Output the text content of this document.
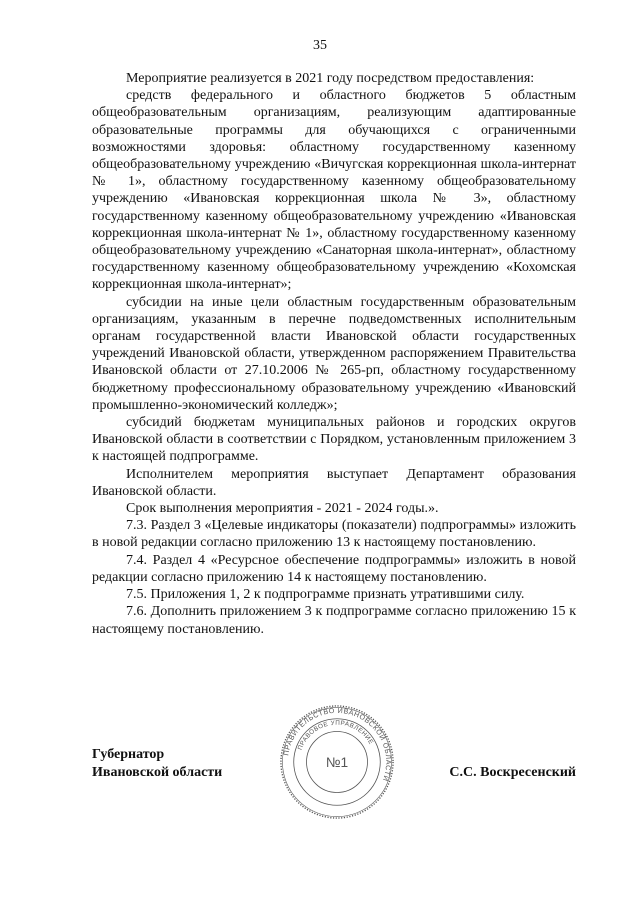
35

Мероприятие реализуется в 2021 году посредством предоставления:

средств федерального и областного бюджетов 5 областным общеобразовательным организациям, реализующим адаптированные образовательные программы для обучающихся с ограниченными возможностями здоровья: областному государственному казенному общеобразовательному учреждению «Вичугская коррекционная школа-интернат № 1», областному государственному казенному общеобразовательному учреждению «Ивановская коррекционная школа № 3», областному государственному казенному общеобразовательному учреждению «Ивановская коррекционная школа-интернат № 1», областному государственному казенному общеобразовательному учреждению «Санаторная школа-интернат», областному государственному казенному общеобразовательному учреждению «Кохомская коррекционная школа-интернат»;

субсидии на иные цели областным государственным образовательным организациям, указанным в перечне подведомственных исполнительным органам государственной власти Ивановской области государственных учреждений Ивановской области, утвержденном распоряжением Правительства Ивановской области от 27.10.2006 № 265-рп, областному государственному бюджетному профессиональному образовательному учреждению «Ивановский промышленно-экономический колледж»;

субсидий бюджетам муниципальных районов и городских округов Ивановской области в соответствии с Порядком, установленным приложением 3 к настоящей подпрограмме.

Исполнителем мероприятия выступает Департамент образования Ивановской области.

Срок выполнения мероприятия - 2021 - 2024 годы.».

7.3. Раздел 3 «Целевые индикаторы (показатели) подпрограммы» изложить в новой редакции согласно приложению 13 к настоящему постановлению.

7.4. Раздел 4 «Ресурсное обеспечение подпрограммы» изложить в новой редакции согласно приложению 14 к настоящему постановлению.

7.5. Приложения 1, 2 к подпрограмме признать утратившими силу.

7.6. Дополнить приложением 3 к подпрограмме согласно приложению 15 к настоящему постановлению.

Губернатор
Ивановской области	С.С. Воскресенский
ПРАВИТЕЛЬСТВО ИВАНОВСКОЙ ОБЛАСТИ
ПРАВОВОЕ УПРАВЛЕНИЕ
№1
